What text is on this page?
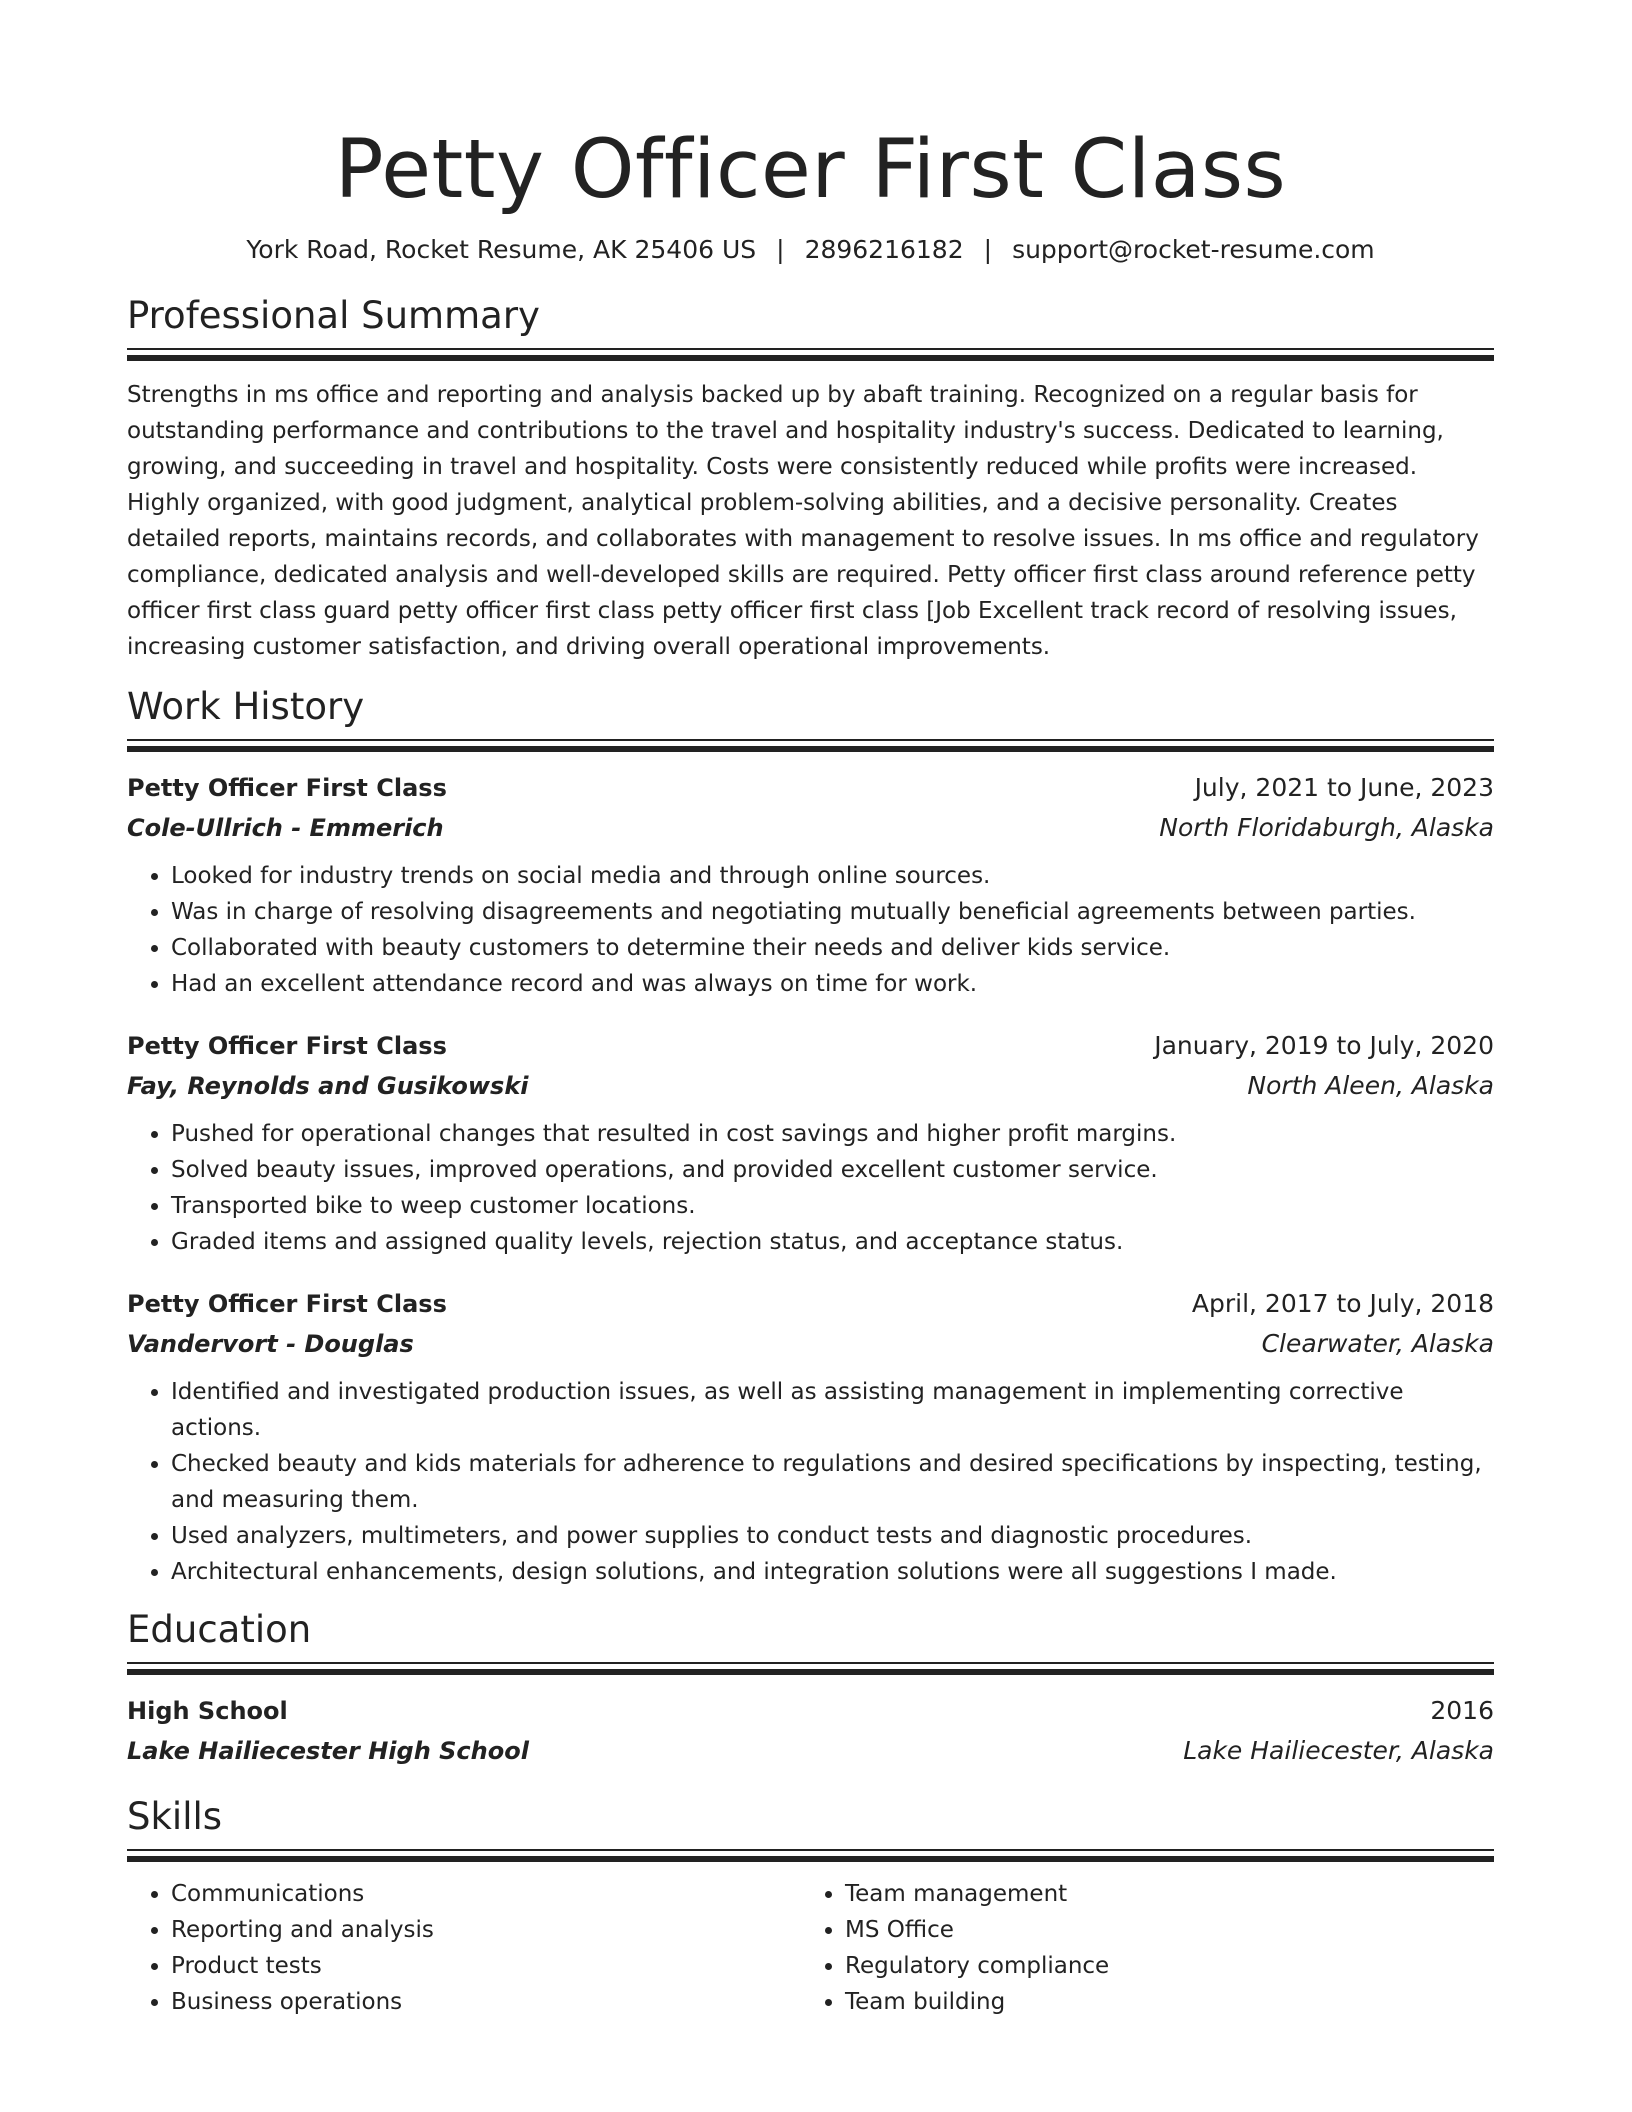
Petty Officer First Class
York Road, Rocket Resume, AK 25406 US | 2896216182 | support@rocket-resume.com
Professional Summary

Strengths in ms office and reporting and analysis backed up by abaft training. Recognized on a regular basis for outstanding performance and contributions to the travel and hospitality industry's success. Dedicated to learning, growing, and succeeding in travel and hospitality. Costs were consistently reduced while profits were increased. Highly organized, with good judgment, analytical problem-solving abilities, and a decisive personality. Creates detailed reports, maintains records, and collaborates with management to resolve issues. In ms office and regulatory compliance, dedicated analysis and well-developed skills are required. Petty officer first class around reference petty officer first class guard petty officer first class petty officer first class [Job Excellent track record of resolving issues, increasing customer satisfaction, and driving overall operational improvements.

Work History
Petty Officer First Class	July, 2021 to June, 2023
Cole-Ullrich - Emmerich	North Floridaburgh, Alaska
• Looked for industry trends on social media and through online sources.
• Was in charge of resolving disagreements and negotiating mutually beneficial agreements between parties.
• Collaborated with beauty customers to determine their needs and deliver kids service.
• Had an excellent attendance record and was always on time for work.
Petty Officer First Class	January, 2019 to July, 2020
Fay, Reynolds and Gusikowski	North Aleen, Alaska
• Pushed for operational changes that resulted in cost savings and higher profit margins.
• Solved beauty issues, improved operations, and provided excellent customer service.
• Transported bike to weep customer locations.
• Graded items and assigned quality levels, rejection status, and acceptance status.
Petty Officer First Class	April, 2017 to July, 2018
Vandervort - Douglas	Clearwater, Alaska
• Identified and investigated production issues, as well as assisting management in implementing corrective actions.
• Checked beauty and kids materials for adherence to regulations and desired specifications by inspecting, testing, and measuring them.
• Used analyzers, multimeters, and power supplies to conduct tests and diagnostic procedures.
• Architectural enhancements, design solutions, and integration solutions were all suggestions I made.
Education
High School	2016
Lake Hailiecester High School	Lake Hailiecester, Alaska
Skills
• Communications
• Reporting and analysis
• Product tests
• Business operations
• Team management
• MS Office
• Regulatory compliance
• Team building
